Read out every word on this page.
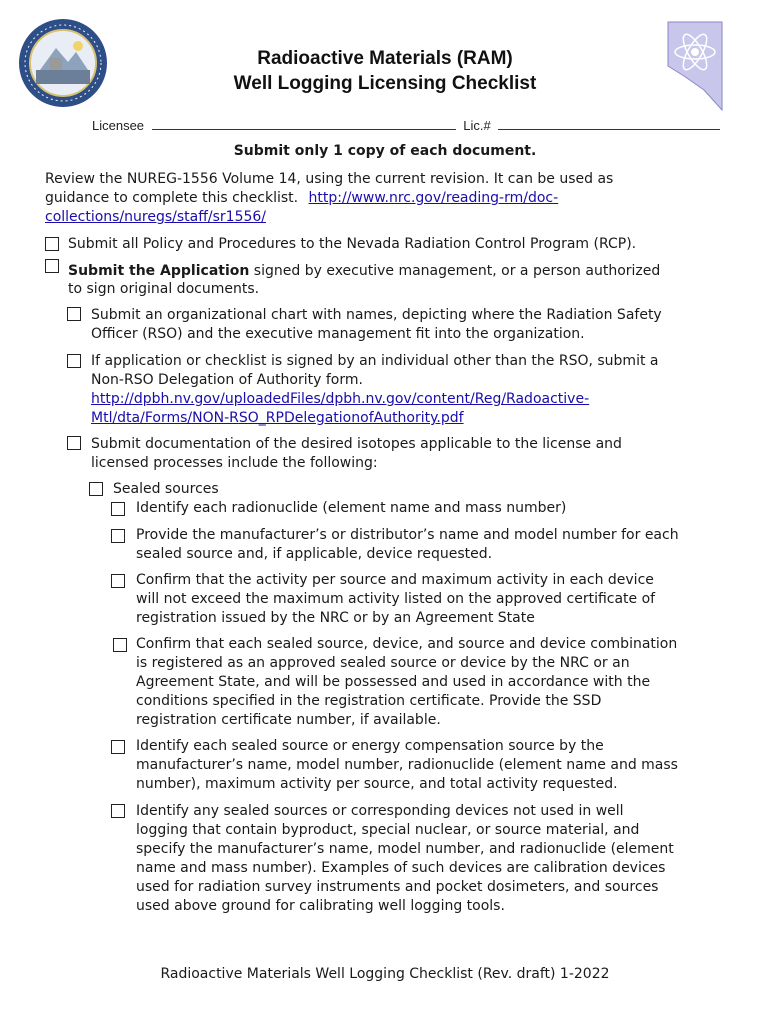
Radioactive Materials (RAM)
Well Logging Licensing Checklist
Licensee	Lic.#
Submit only 1 copy of each document.
Review the NUREG-1556 Volume 14, using the current revision. It can be used as
guidance to complete this checklist. http://www.nrc.gov/reading-rm/doc-
collections/nuregs/staff/sr1556/
Submit all Policy and Procedures to the Nevada Radiation Control Program (RCP).
Submit the Application signed by executive management, or a person authorized
to sign original documents.
Submit an organizational chart with names, depicting where the Radiation Safety
Officer (RSO) and the executive management fit into the organization.
If application or checklist is signed by an individual other than the RSO, submit a
Non-RSO Delegation of Authority form.
http://dpbh.nv.gov/uploadedFiles/dpbh.nv.gov/content/Reg/Radoactive-
Mtl/dta/Forms/NON-RSO_RPDelegationofAuthority.pdf
Submit documentation of the desired isotopes applicable to the license and
licensed processes include the following:
Sealed sources
Identify each radionuclide (element name and mass number)
Provide the manufacturer’s or distributor’s name and model number for each
sealed source and, if applicable, device requested.
Confirm that the activity per source and maximum activity in each device
will not exceed the maximum activity listed on the approved certificate of
registration issued by the NRC or by an Agreement State
Confirm that each sealed source, device, and source and device combination
is registered as an approved sealed source or device by the NRC or an
Agreement State, and will be possessed and used in accordance with the
conditions specified in the registration certificate. Provide the SSD
registration certificate number, if available.
Identify each sealed source or energy compensation source by the
manufacturer’s name, model number, radionuclide (element name and mass
number), maximum activity per source, and total activity requested.
Identify any sealed sources or corresponding devices not used in well
logging that contain byproduct, special nuclear, or source material, and
specify the manufacturer’s name, model number, and radionuclide (element
name and mass number). Examples of such devices are calibration devices
used for radiation survey instruments and pocket dosimeters, and sources
used above ground for calibrating well logging tools.
Radioactive Materials Well Logging Checklist (Rev. draft) 1-2022
